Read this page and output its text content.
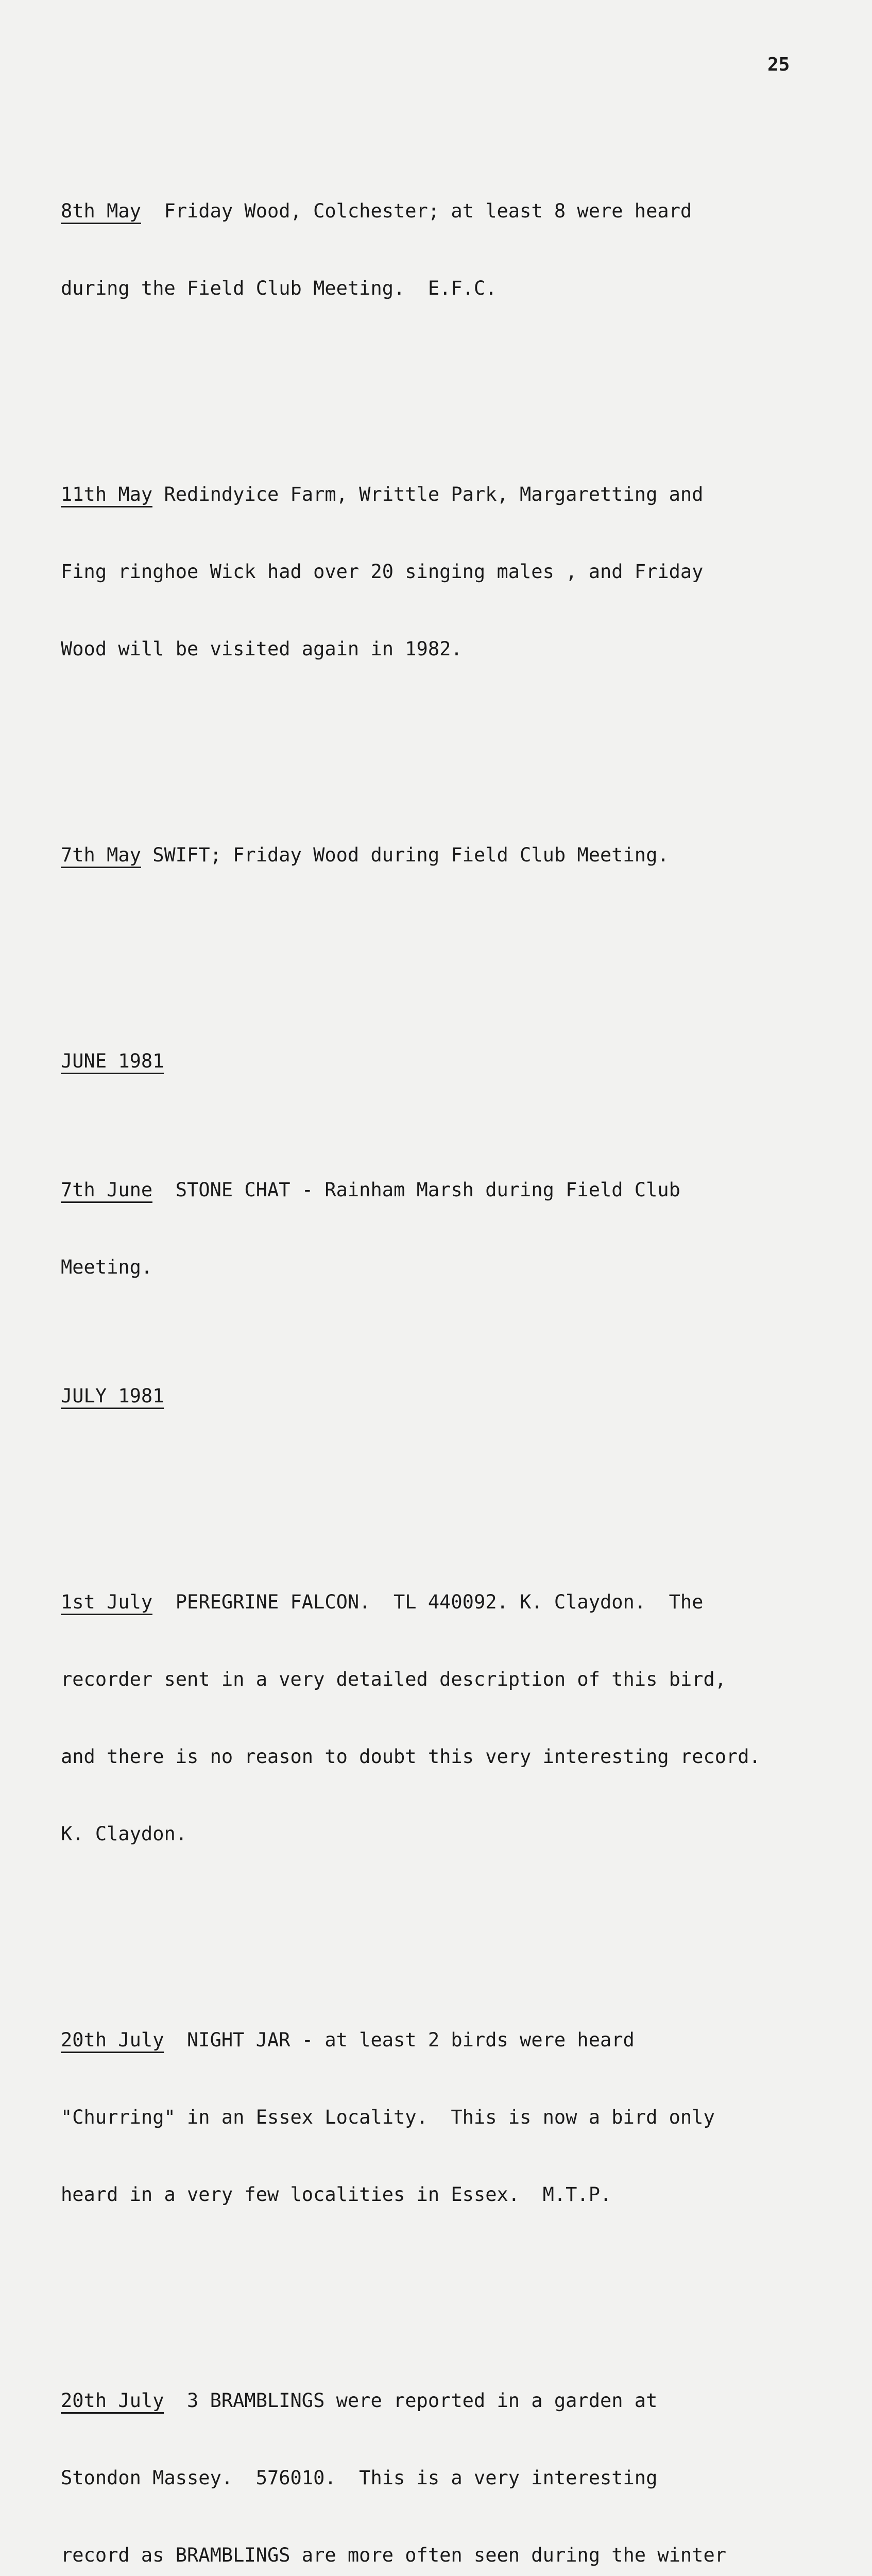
25

8th May  Friday Wood, Colchester; at least 8 were heard

during the Field Club Meeting.  E.F.C.

11th May Redindyice Farm, Writtle Park, Margaretting and

Fing ringhoe Wick had over 20 singing males , and Friday

Wood will be visited again in 1982.

7th May SWIFT; Friday Wood during Field Club Meeting.

JUNE 1981

7th June  STONE CHAT - Rainham Marsh during Field Club

Meeting.

JULY 1981

1st July  PEREGRINE FALCON.  TL 440092. K. Claydon.  The

recorder sent in a very detailed description of this bird,

and there is no reason to doubt this very interesting record.

K. Claydon.

20th July  NIGHT JAR - at least 2 birds were heard

"Churring" in an Essex Locality.  This is now a bird only

heard in a very few localities in Essex.  M.T.P.

20th July  3 BRAMBLINGS were reported in a garden at

Stondon Massey.  576010.  This is a very interesting

record as BRAMBLINGS are more often seen during the winter
